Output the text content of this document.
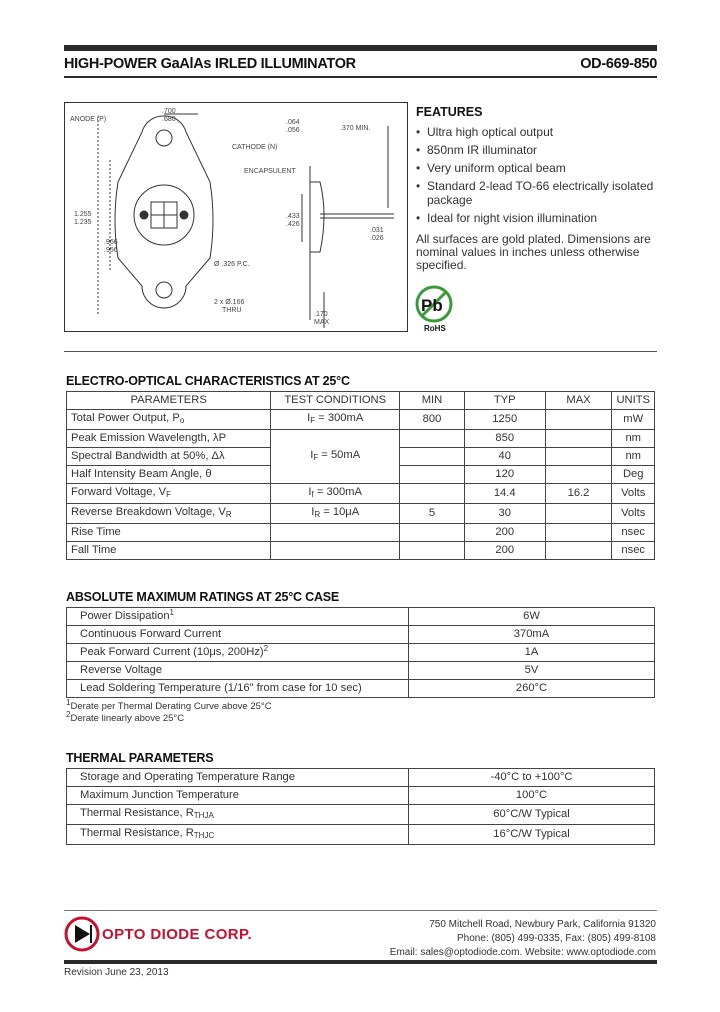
HIGH-POWER GaAlAs IRLED ILLUMINATOR	OD-669-850
ANODE (P)
.700
.680	.064
.056	.370 MIN.
CATHODE (N)
ENCAPSULENT
1.255
1.235
.966
.956
.433
.426
.031
.026
Ø .326 P.C.
2 x Ø.166
THRU
.170
MAX
FEATURES
• Ultra high optical output
• 850nm IR illuminator
• Very uniform optical beam
• Standard 2-lead TO-66 electrically isolated package
• Ideal for night vision illumination
All surfaces are gold plated. Dimensions are nominal values in inches unless otherwise specified.
Pb
RoHS
ELECTRO-OPTICAL CHARACTERISTICS AT 25°C
PARAMETERS	TEST CONDITIONS	MIN	TYP	MAX	UNITS
Total Power Output, $P_o$	$I_F = 300mA$	800	1250		mW
Peak Emission Wavelength, λP	$I_F = 50mA$		850		nm
Spectral Bandwidth at 50%, Δλ			40		nm
Half Intensity Beam Angle, θ			120		Deg
Forward Voltage, $V_F$	$I_f = 300mA$		14.4	16.2	Volts
Reverse Breakdown Voltage, $V_R$	$I_R = 10\mu A$	5	30		Volts
Rise Time			200		nsec
Fall Time			200		nsec
ABSOLUTE MAXIMUM RATINGS AT 25°C CASE
Power Dissipation$^1$	6W
Continuous Forward Current	370mA
Peak Forward Current (10μs, 200Hz)$^2$	1A
Reverse Voltage	5V
Lead Soldering Temperature (1/16" from case for 10 sec)	260°C
$^1$Derate per Thermal Derating Curve above 25°C
$^2$Derate linearly above 25°C
THERMAL PARAMETERS
Storage and Operating Temperature Range	-40°C to +100°C
Maximum Junction Temperature	100°C
Thermal Resistance, $R_{THJA}$	60°C/W Typical
Thermal Resistance, $R_{THJC}$	16°C/W Typical
OPTO DIODE CORP.
750 Mitchell Road, Newbury Park, California 91320
Phone: (805) 499-0335, Fax: (805) 499-8108
Email: sales@optodiode.com. Website: www.optodiode.com
Revision June 23, 2013
